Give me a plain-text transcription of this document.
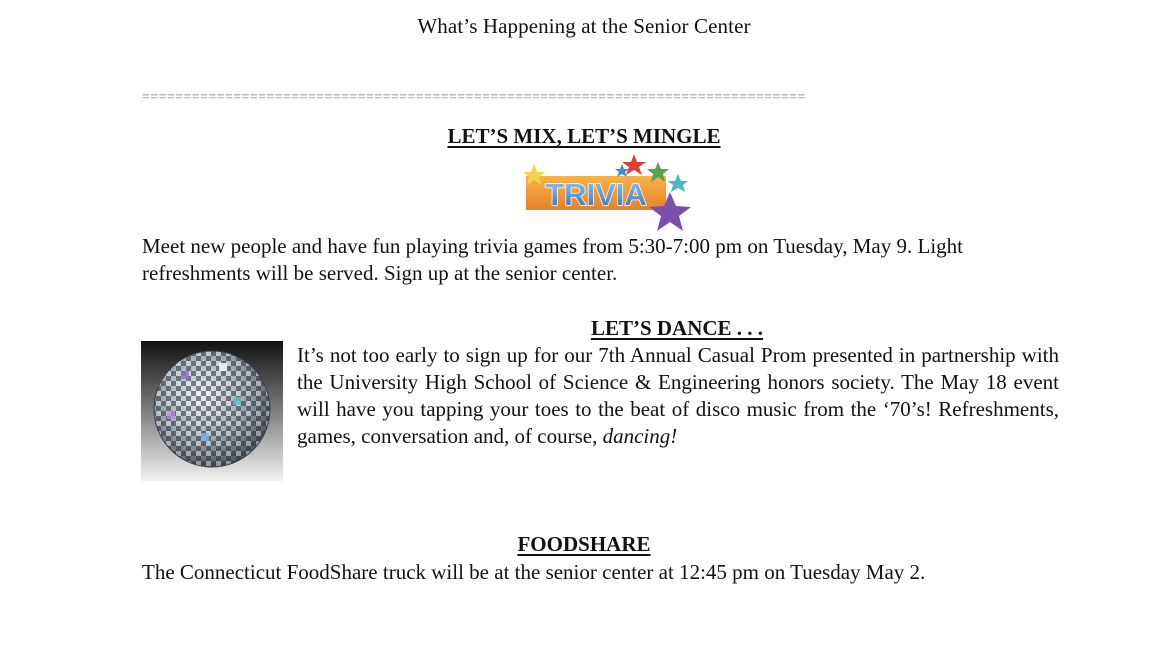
What’s Happening at the Senior Center
================================================================================
LET’S MIX, LET’S MINGLE
TRIVIA
Meet new people and have fun playing trivia games from 5:30-7:00 pm on Tuesday, May 9. Light refreshments will be served. Sign up at the senior center.
LET’S DANCE . . .
It’s not too early to sign up for our 7th Annual Casual Prom presented in partnership with the University High School of Science & Engineering honors society. The May 18 event will have you tapping your toes to the beat of disco music from the ‘70’s! Refreshments, games, conversation and, of course, dancing!
FOODSHARE
The Connecticut FoodShare truck will be at the senior center at 12:45 pm on Tuesday May 2.
